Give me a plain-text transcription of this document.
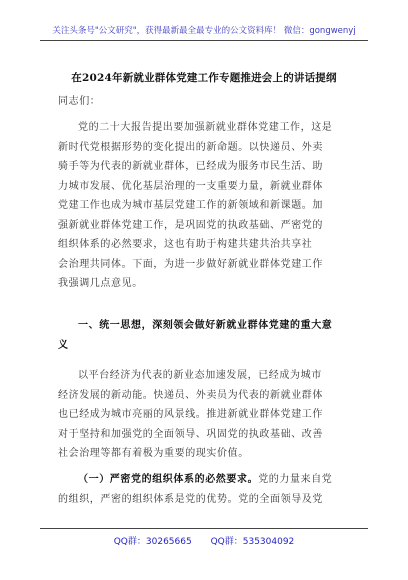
关注头条号"公文研究"，获得最新最全最专业的公文资料库！ 微信：gongwenyj
在2024年新就业群体党建工作专题推进会上的讲话提纲
同志们：
党的二十大报告提出要加强新就业群体党建工作，这是
新时代党根据形势的变化提出的新命题。以快递员、外卖
骑手等为代表的新就业群体，已经成为服务市民生活、助
力城市发展、优化基层治理的一支重要力量，新就业群体
党建工作也成为城市基层党建工作的新领域和新课题。加
强新就业群体党建工作，是巩固党的执政基础、严密党的
组织体系的必然要求，这也有助于构建共建共治共享社
会治理共同体。下面，为进一步做好新就业群体党建工作
我强调几点意见。
一、统一思想，深刻领会做好新就业群体党建的重大意
义
以平台经济为代表的新业态加速发展，已经成为城市
经济发展的新动能。快递员、外卖员为代表的新就业群体
也已经成为城市亮丽的风景线。推进新就业群体党建工作
对于坚持和加强党的全面领导、巩固党的执政基础、改善
社会治理等都有着极为重要的现实价值。
（一）严密党的组织体系的必然要求。党的力量来自党
的组织，严密的组织体系是党的优势。党的全面领导及党
QQ群：30265665 QQ群：535304092
